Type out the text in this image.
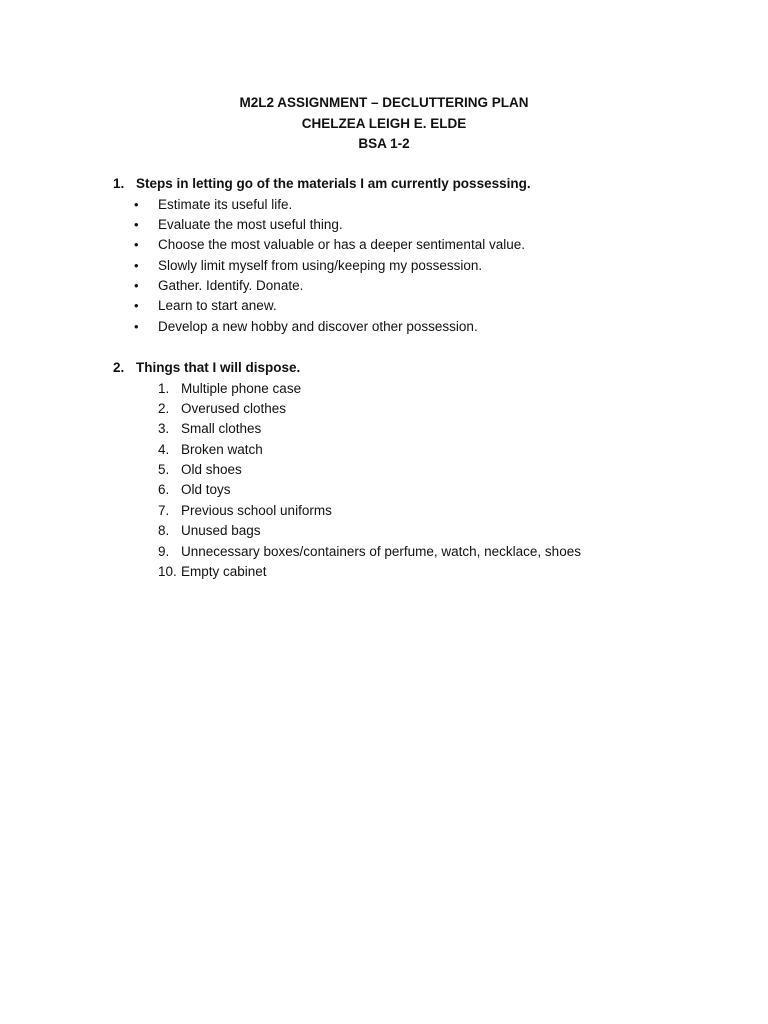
M2L2 ASSIGNMENT – DECLUTTERING PLAN
CHELZEA LEIGH E. ELDE
BSA 1-2
1. Steps in letting go of the materials I am currently possessing.
• Estimate its useful life.
• Evaluate the most useful thing.
• Choose the most valuable or has a deeper sentimental value.
• Slowly limit myself from using/keeping my possession.
• Gather. Identify. Donate.
• Learn to start anew.
• Develop a new hobby and discover other possession.
2. Things that I will dispose.
1. Multiple phone case
2. Overused clothes
3. Small clothes
4. Broken watch
5. Old shoes
6. Old toys
7. Previous school uniforms
8. Unused bags
9. Unnecessary boxes/containers of perfume, watch, necklace, shoes
10. Empty cabinet
